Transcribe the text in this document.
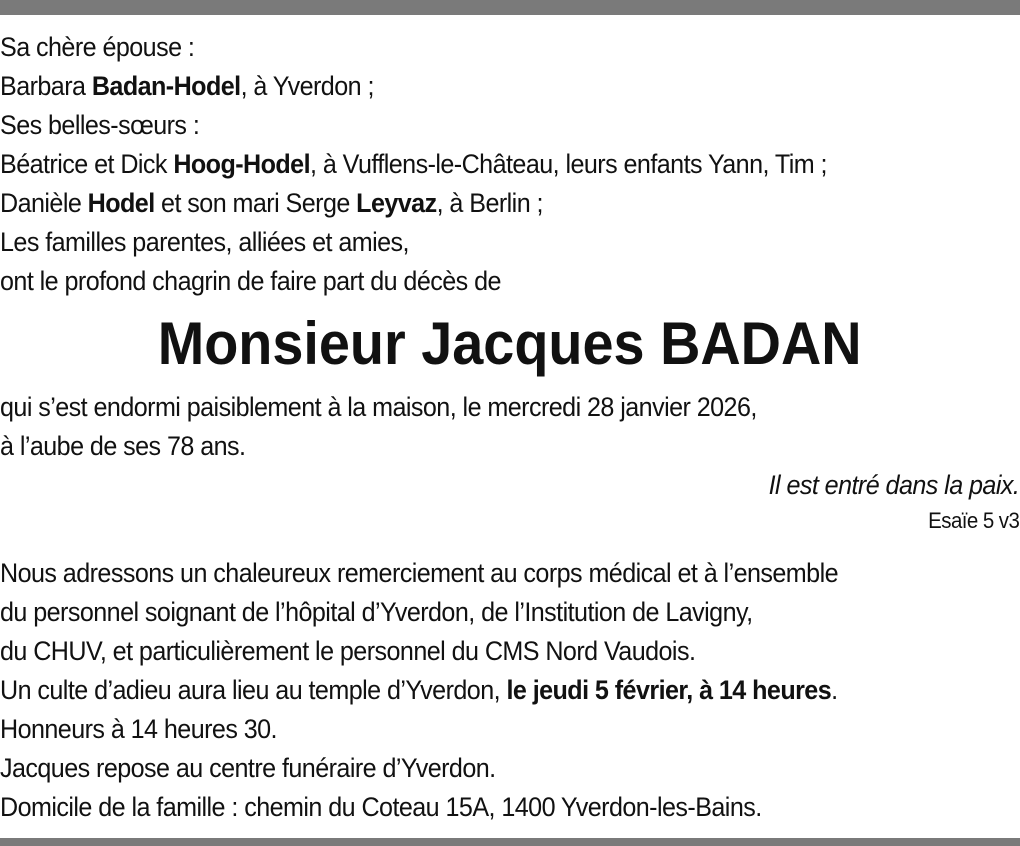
Sa chère épouse :
Barbara Badan-Hodel, à Yverdon ;
Ses belles-sœurs :
Béatrice et Dick Hoog-Hodel, à Vufflens-le-Château, leurs enfants Yann, Tim ;
Danièle Hodel et son mari Serge Leyvaz, à Berlin ;
Les familles parentes, alliées et amies,
ont le profond chagrin de faire part du décès de
Monsieur Jacques BADAN
qui s’est endormi paisiblement à la maison, le mercredi 28 janvier 2026,
à l’aube de ses 78 ans.
Il est entré dans la paix.
Esaïe 5 v3
Nous adressons un chaleureux remerciement au corps médical et à l’ensemble
du personnel soignant de l’hôpital d’Yverdon, de l’Institution de Lavigny,
du CHUV, et particulièrement le personnel du CMS Nord Vaudois.
Un culte d’adieu aura lieu au temple d’Yverdon, le jeudi 5 février, à 14 heures.
Honneurs à 14 heures 30.
Jacques repose au centre funéraire d’Yverdon.
Domicile de la famille : chemin du Coteau 15A, 1400 Yverdon-les-Bains.
